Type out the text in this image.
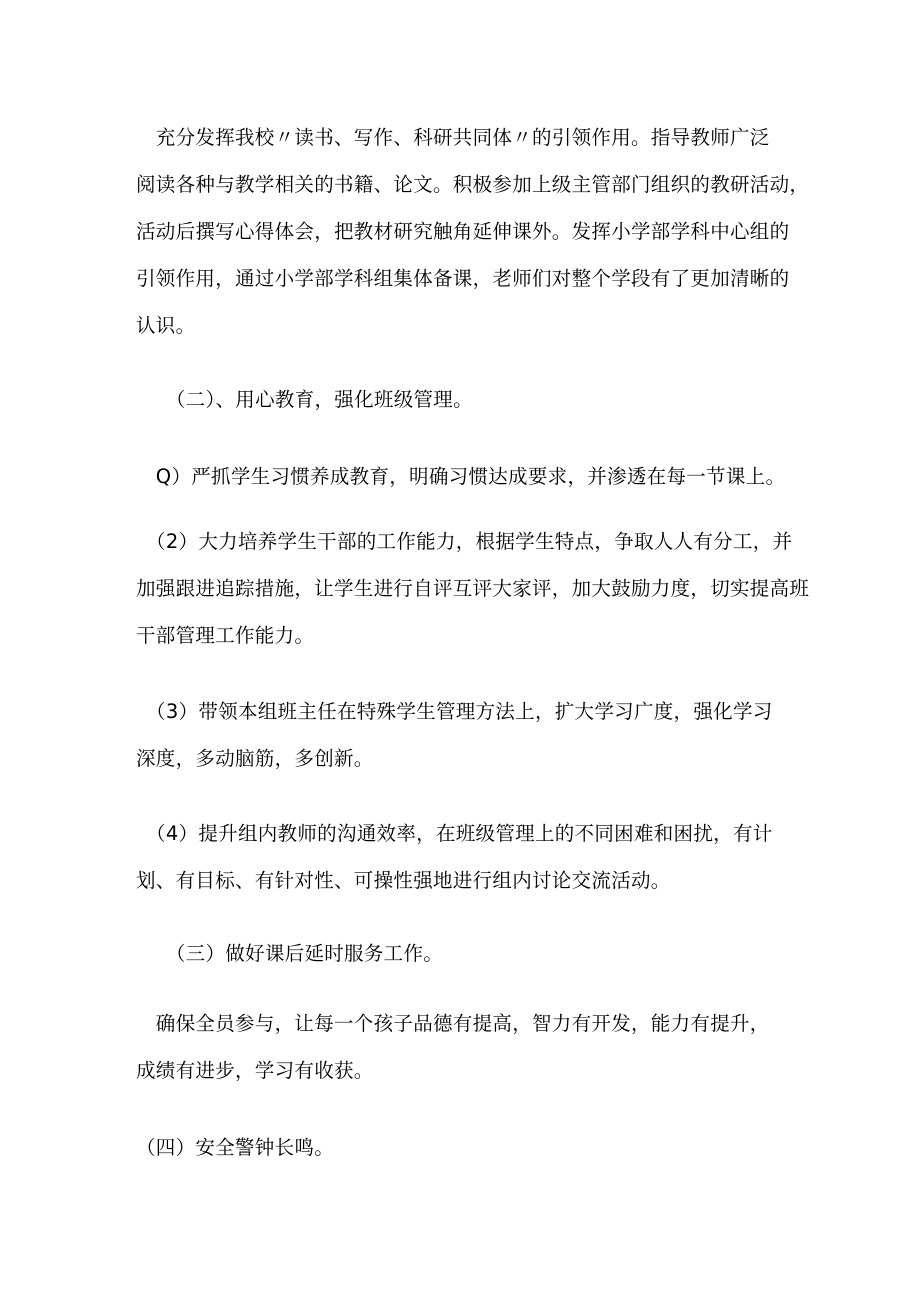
　充分发挥我校〃读书、写作、科研共同体〃的引领作用。指导教师广泛
阅读各种与教学相关的书籍、论文。积极参加上级主管部门组织的教研活动，
活动后撰写心得体会，把教材研究触角延伸课外。发挥小学部学科中心组的
引领作用，通过小学部学科组集体备课，老师们对整个学段有了更加清晰的
认识。
　　（二）、用心教育，强化班级管理。
　Q）严抓学生习惯养成教育，明确习惯达成要求，并渗透在每一节课上。
　（2）大力培养学生干部的工作能力，根据学生特点，争取人人有分工，并
加强跟进追踪措施，让学生进行自评互评大家评，加大鼓励力度，切实提高班
干部管理工作能力。
　（3）带领本组班主任在特殊学生管理方法上，扩大学习广度，强化学习
深度，多动脑筋，多创新。
　（4）提升组内教师的沟通效率，在班级管理上的不同困难和困扰，有计
划、有目标、有针对性、可操性强地进行组内讨论交流活动。
　　（三）做好课后延时服务工作。
　确保全员参与，让每一个孩子品德有提高，智力有开发，能力有提升，
成绩有进步，学习有收获。
（四）安全警钟长鸣。
